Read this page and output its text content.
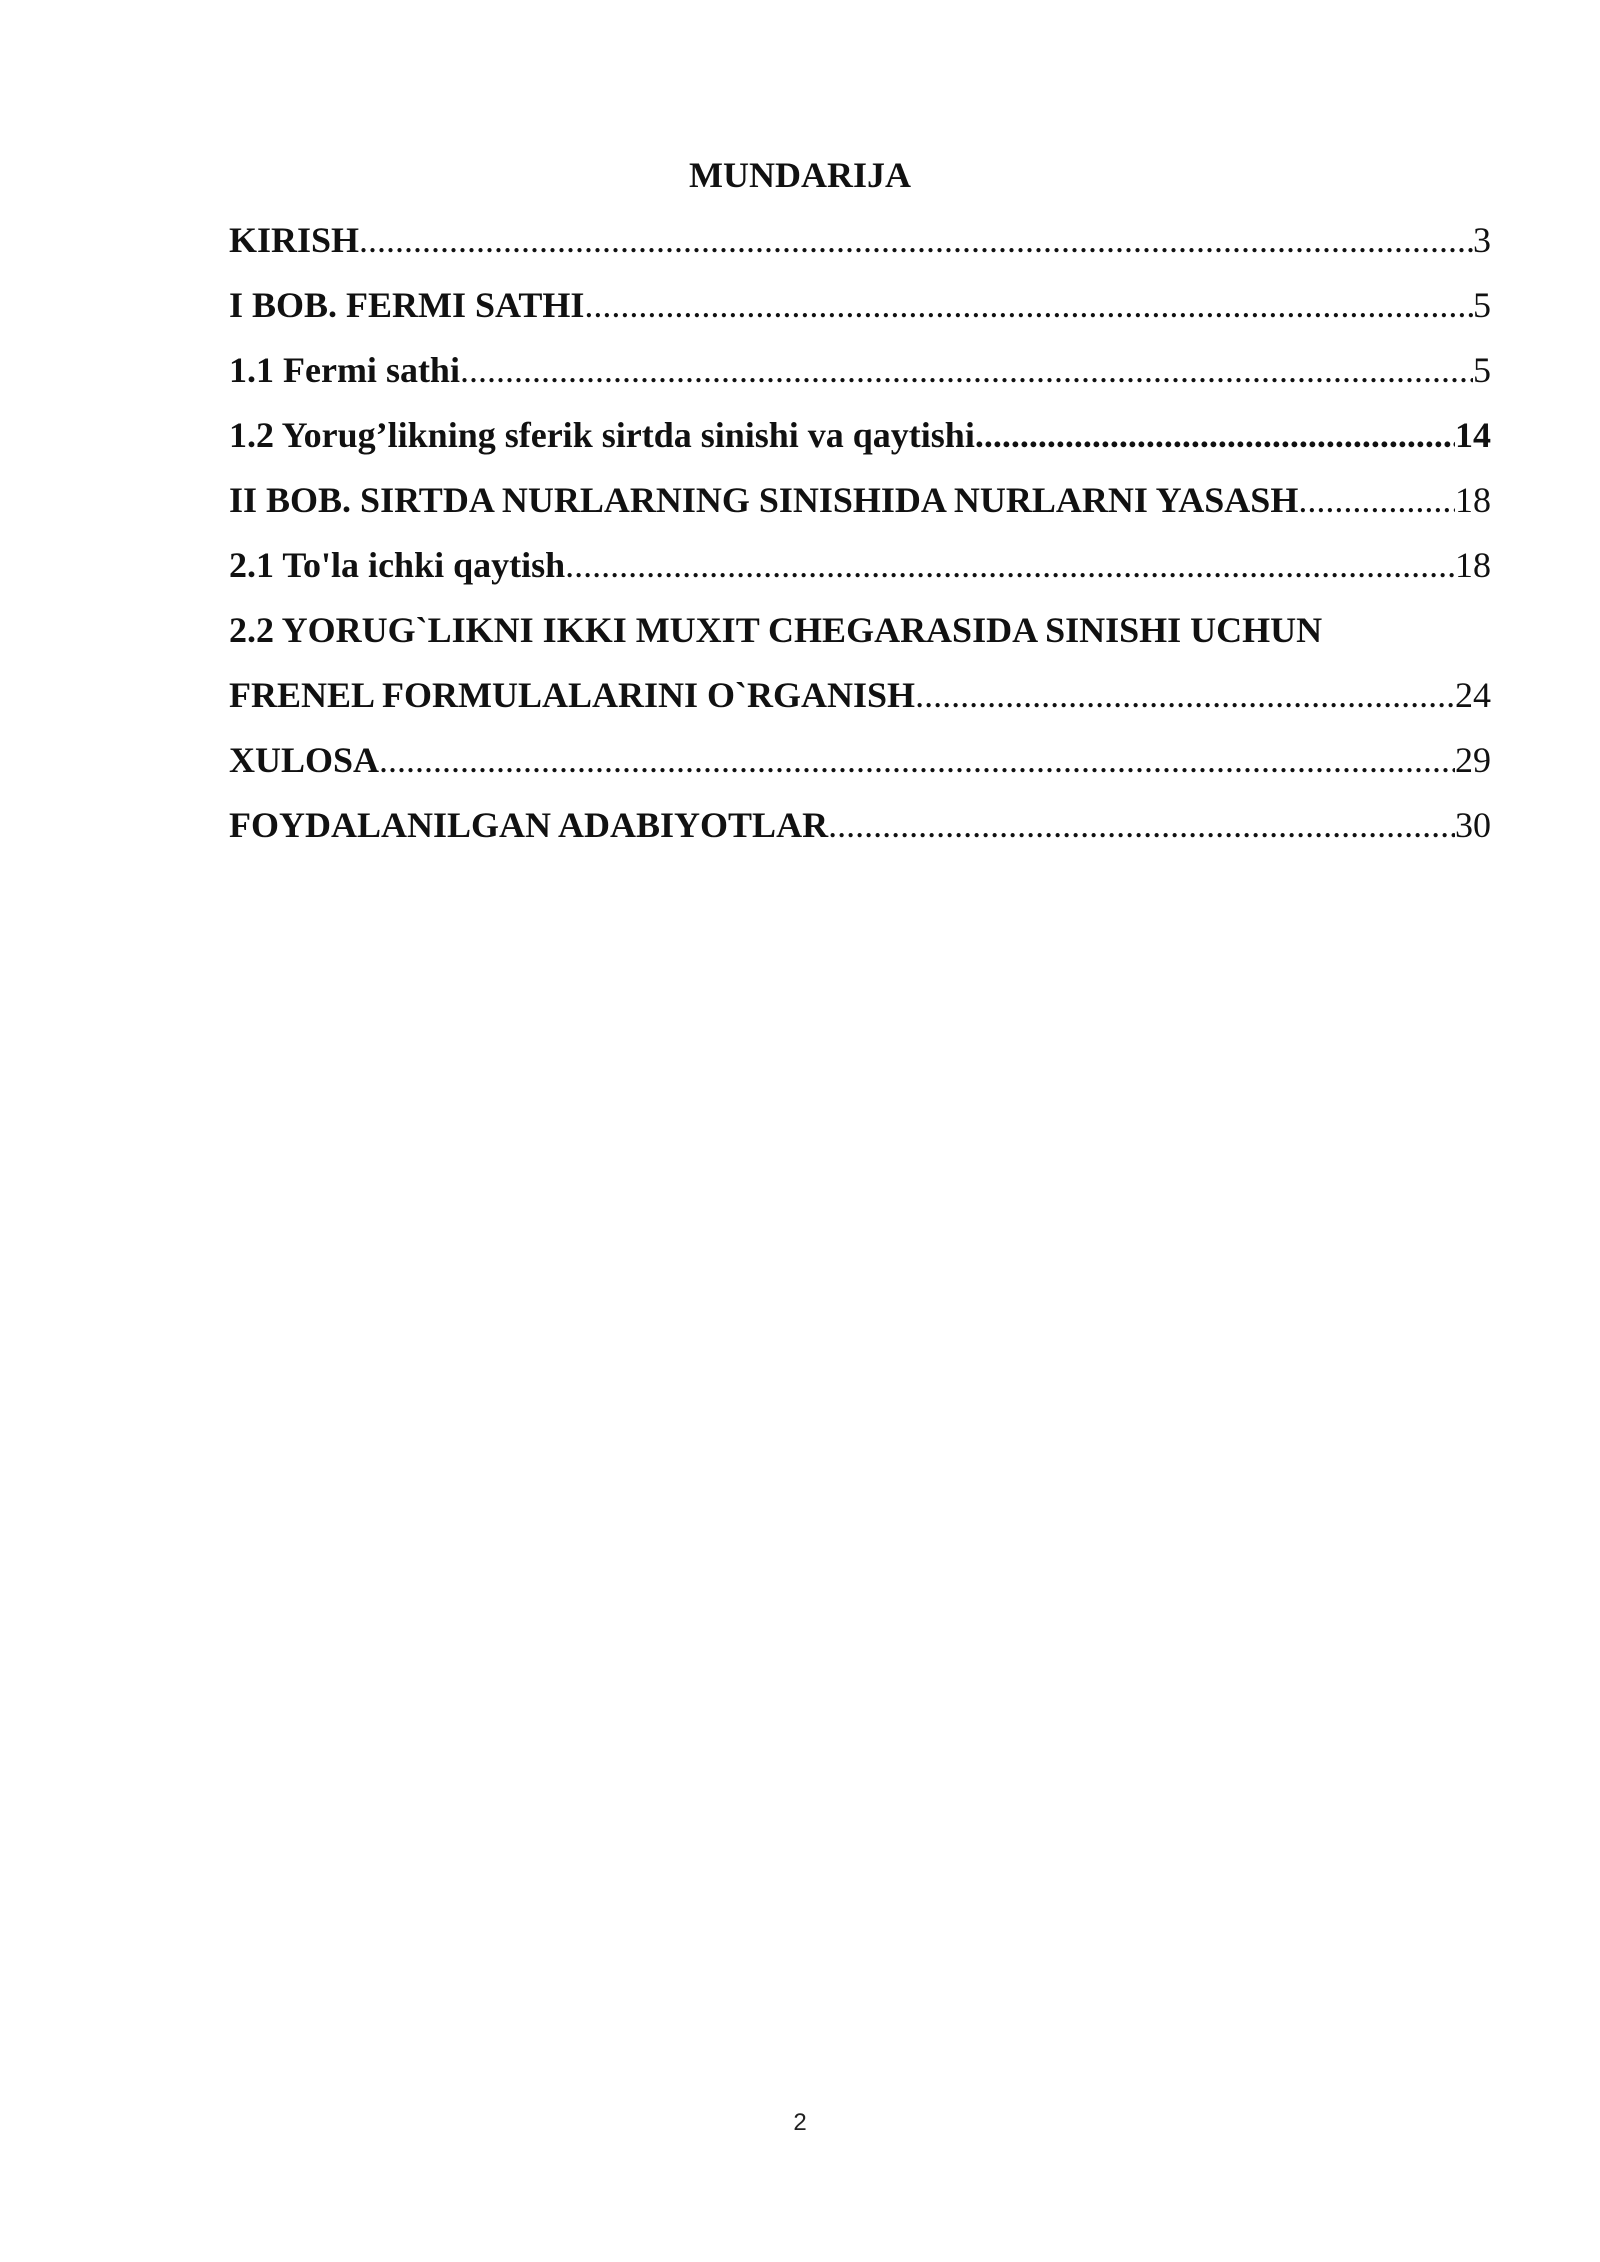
MUNDARIJA
KIRISH .....	3
I BOB. FERMI SATHI .....	5
1.1 Fermi sathi .....	5
1.2 Yorug’likning sferik sirtda sinishi va qaytishi .....	14
II BOB. SIRTDA NURLARNING SINISHIDA NURLARNI YASASH .....	18
2.1 To'la ichki qaytish .....	18
2.2 YORUG`LIKNI IKKI MUXIT CHEGARASIDA SINISHI UCHUN
FRENEL FORMULALARINI O`RGANISH .....	24
XULOSA .....	29
FOYDALANILGAN ADABIYOTLAR .....	30
2
